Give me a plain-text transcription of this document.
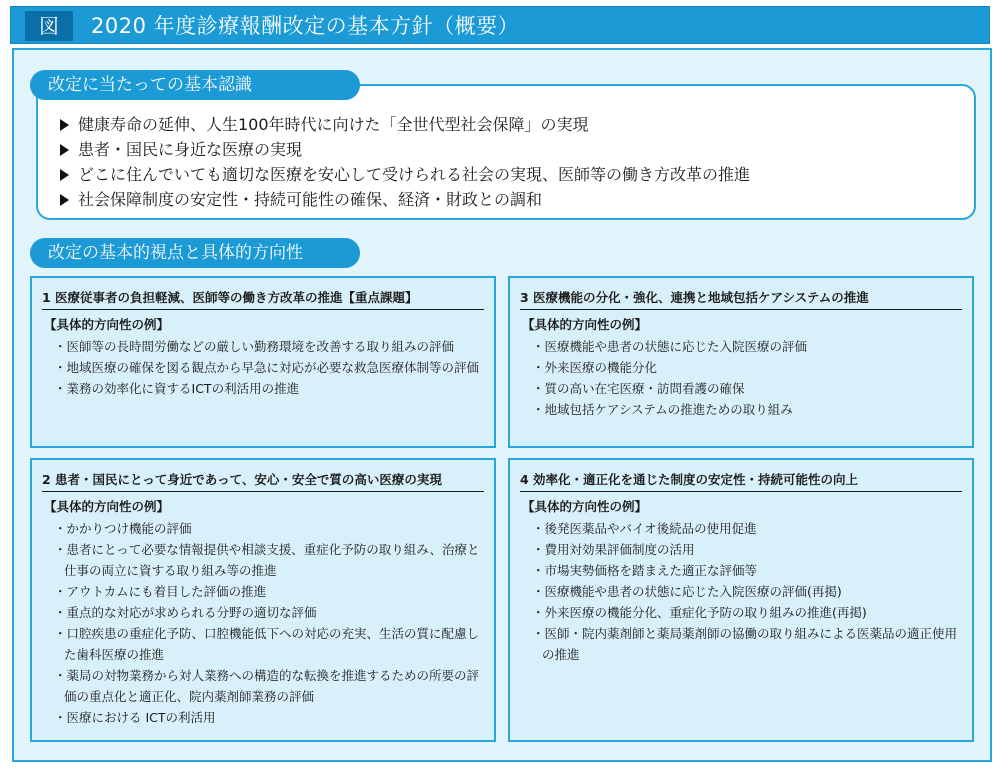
図	2020 年度診療報酬改定の基本方針（概要）
健康寿命の延伸、人生100年時代に向けた「全世代型社会保障」の実現
患者・国民に身近な医療の実現
どこに住んでいても適切な医療を安心して受けられる社会の実現、医師等の働き方改革の推進
社会保障制度の安定性・持続可能性の確保、経済・財政との調和
改定に当たっての基本認識
改定の基本的視点と具体的方向性
1 医療従事者の負担軽減、医師等の働き方改革の推進【重点課題】
【具体的方向性の例】
・ 医師等の長時間労働などの厳しい勤務環境を改善する取り組みの評価
・ 地域医療の確保を図る観点から早急に対応が必要な救急医療体制等の評価
・ 業務の効率化に資するICTの利活用の推進
3 医療機能の分化・強化、連携と地域包括ケアシステムの推進
【具体的方向性の例】
・ 医療機能や患者の状態に応じた入院医療の評価
・ 外来医療の機能分化
・ 質の高い在宅医療・訪問看護の確保
・ 地域包括ケアシステムの推進ための取り組み
2 患者・国民にとって身近であって、安心・安全で質の高い医療の実現
【具体的方向性の例】
・ かかりつけ機能の評価
・ 患者にとって必要な情報提供や相談支援、重症化予防の取り組み、治療と仕事の両立に資する取り組み等の推進
・ アウトカムにも着目した評価の推進
・ 重点的な対応が求められる分野の適切な評価
・ 口腔疾患の重症化予防、口腔機能低下への対応の充実、生活の質に配慮した歯科医療の推進
・ 薬局の対物業務から対人業務への構造的な転換を推進するための所要の評価の重点化と適正化、院内薬剤師業務の評価
・ 医療における ICTの利活用
4 効率化・適正化を通じた制度の安定性・持続可能性の向上
【具体的方向性の例】
・ 後発医薬品やバイオ後続品の使用促進
・ 費用対効果評価制度の活用
・ 市場実勢価格を踏まえた適正な評価等
・ 医療機能や患者の状態に応じた入院医療の評価(再掲)
・ 外来医療の機能分化、重症化予防の取り組みの推進(再掲)
・ 医師・院内薬剤師と薬局薬剤師の協働の取り組みによる医薬品の適正使用の推進
